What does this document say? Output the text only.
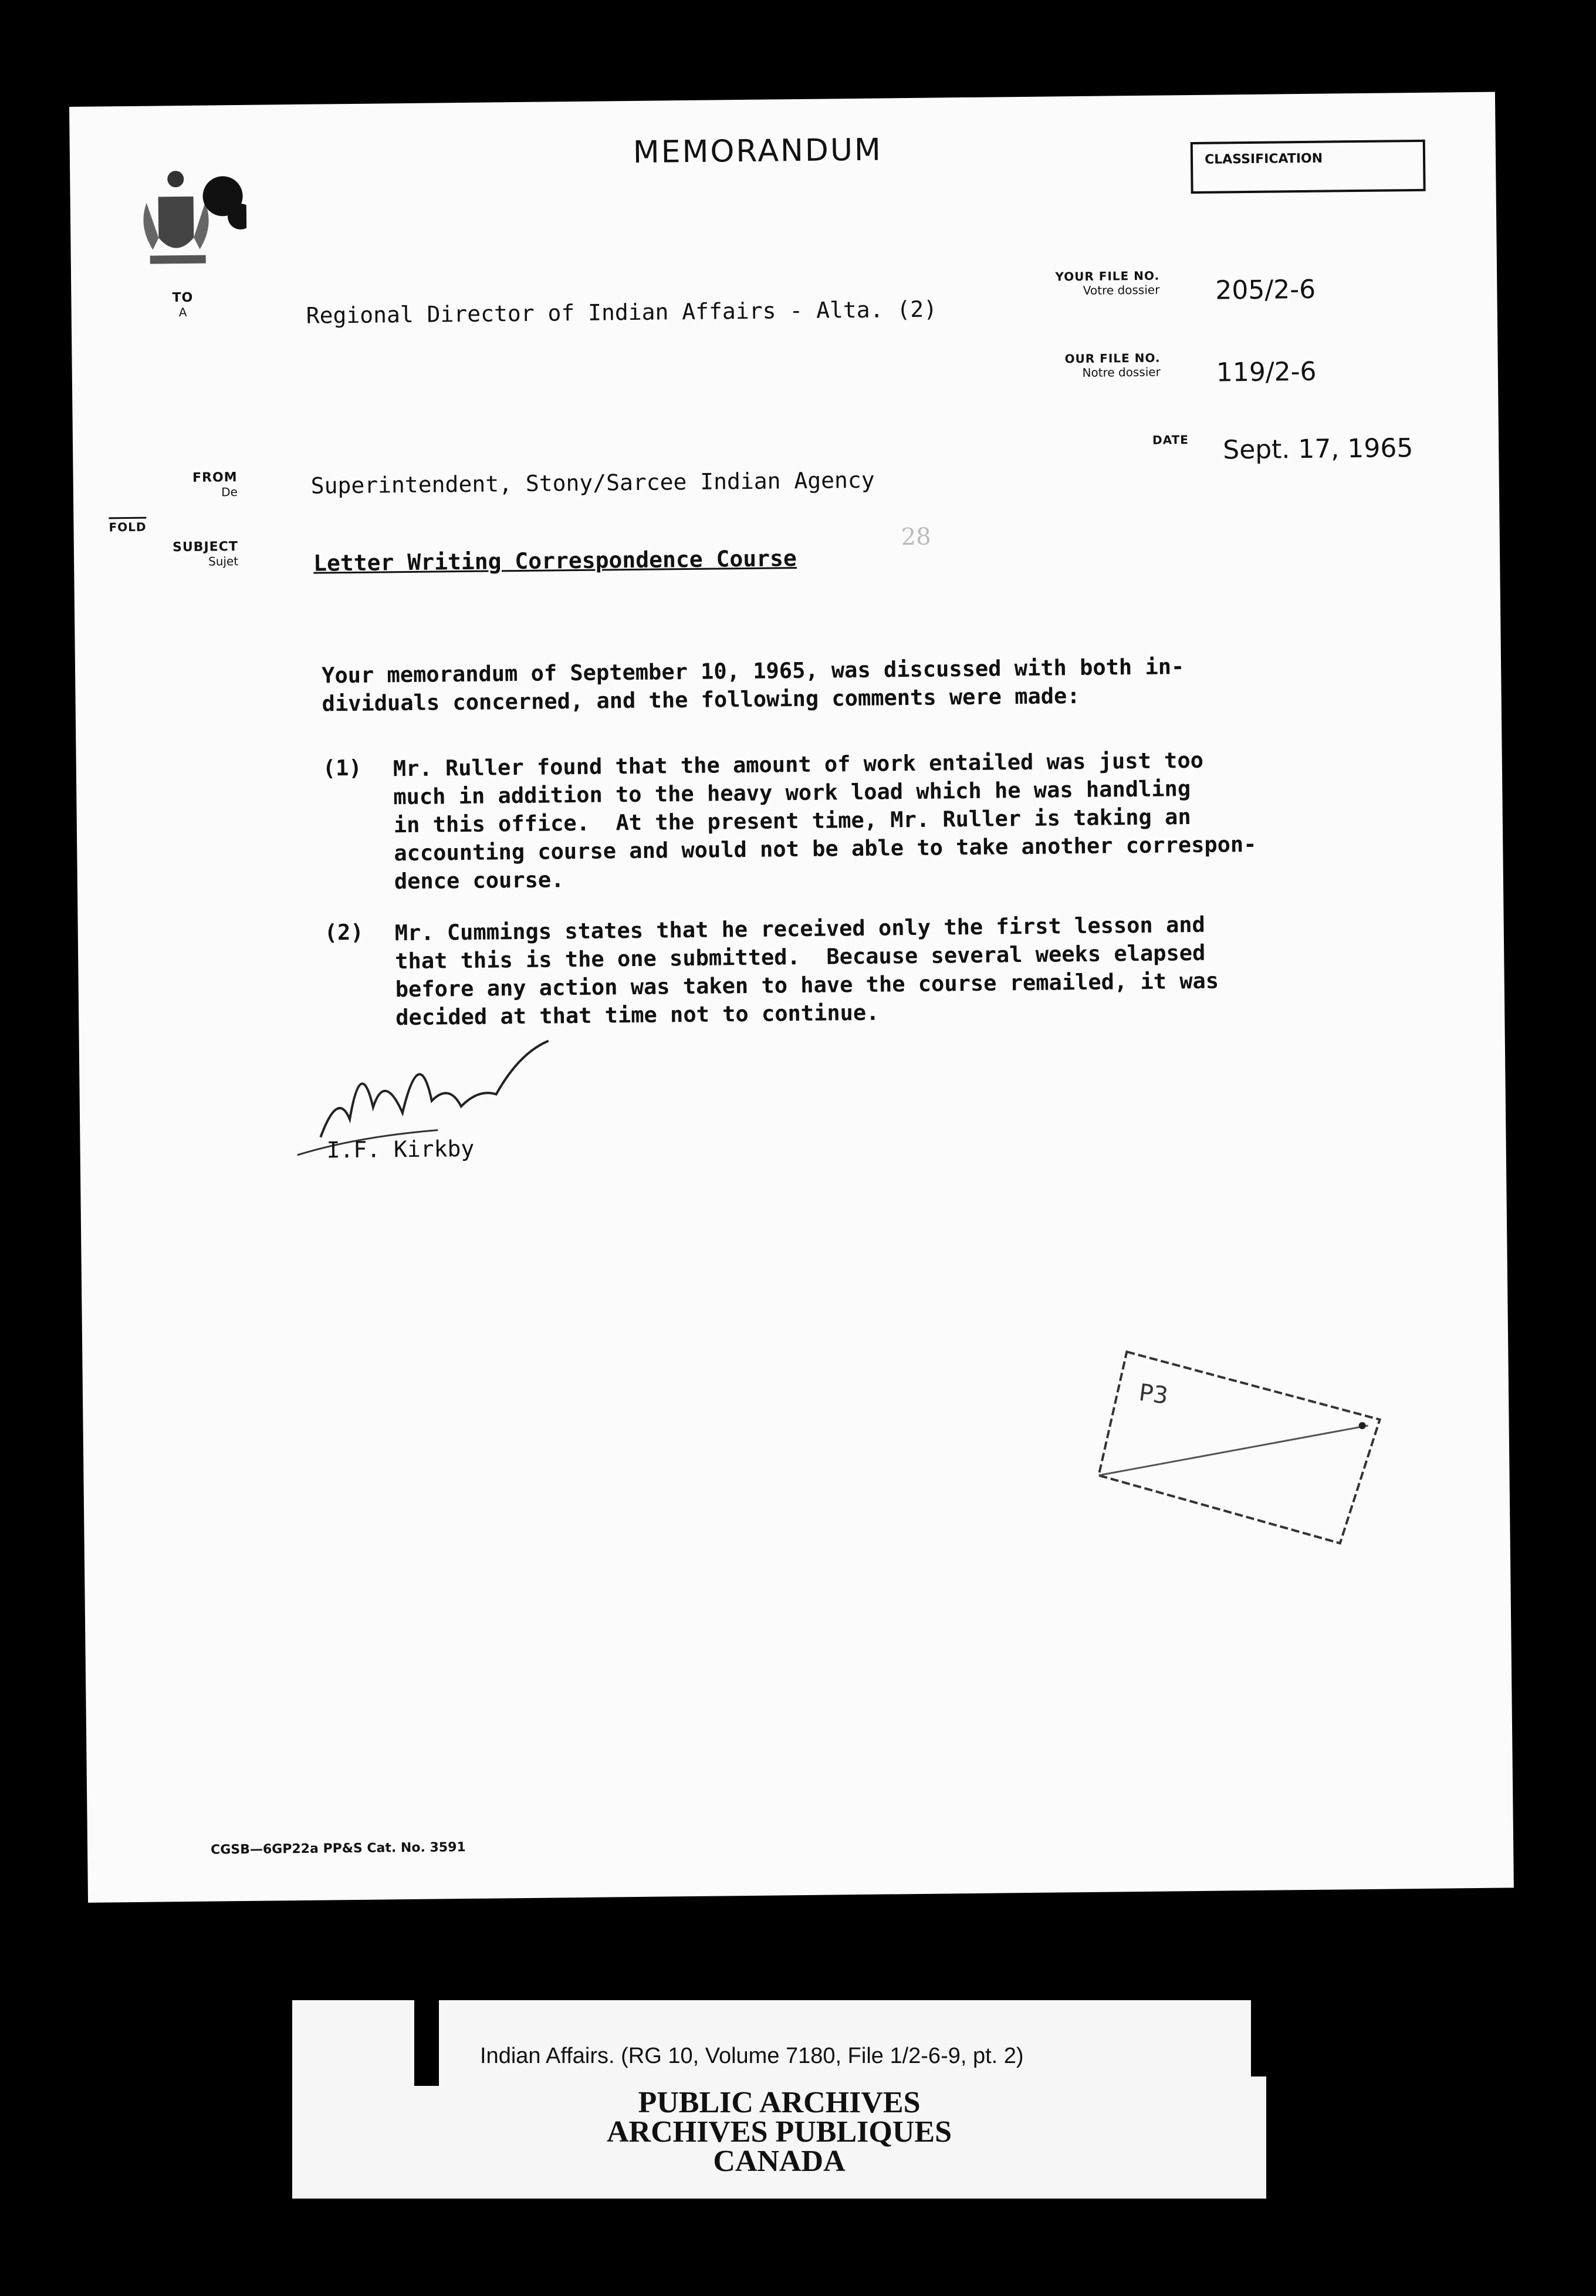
MEMORANDUM	CLASSIFICATION
TO
A	Regional Director of Indian Affairs - Alta. (2)
YOUR FILE NO.
Votre dossier 205/2-6
OUR FILE NO.
Notre dossier 119/2-6
DATE Sept. 17, 1965
FROM
De	Superintendent, Stony/Sarcee Indian Agency
FOLD
SUBJECT
Sujet	Letter Writing Correspondence Course
28
Your memorandum of September 10, 1965, was discussed with both in-
dividuals concerned, and the following comments were made:
(1) Mr. Ruller found that the amount of work entailed was just too
much in addition to the heavy work load which he was handling
in this office.  At the present time, Mr. Ruller is taking an
accounting course and would not be able to take another correspon-
dence course.
(2) Mr. Cummings states that he received only the first lesson and
that this is the one submitted.  Because several weeks elapsed
before any action was taken to have the course remailed, it was
decided at that time not to continue.
I.F. Kirkby
P3
CGSB—6GP22a PP&S Cat. No. 3591
Indian Affairs. (RG 10, Volume 7180, File 1/2-6-9, pt. 2)
PUBLIC ARCHIVES
ARCHIVES PUBLIQUES
CANADA
